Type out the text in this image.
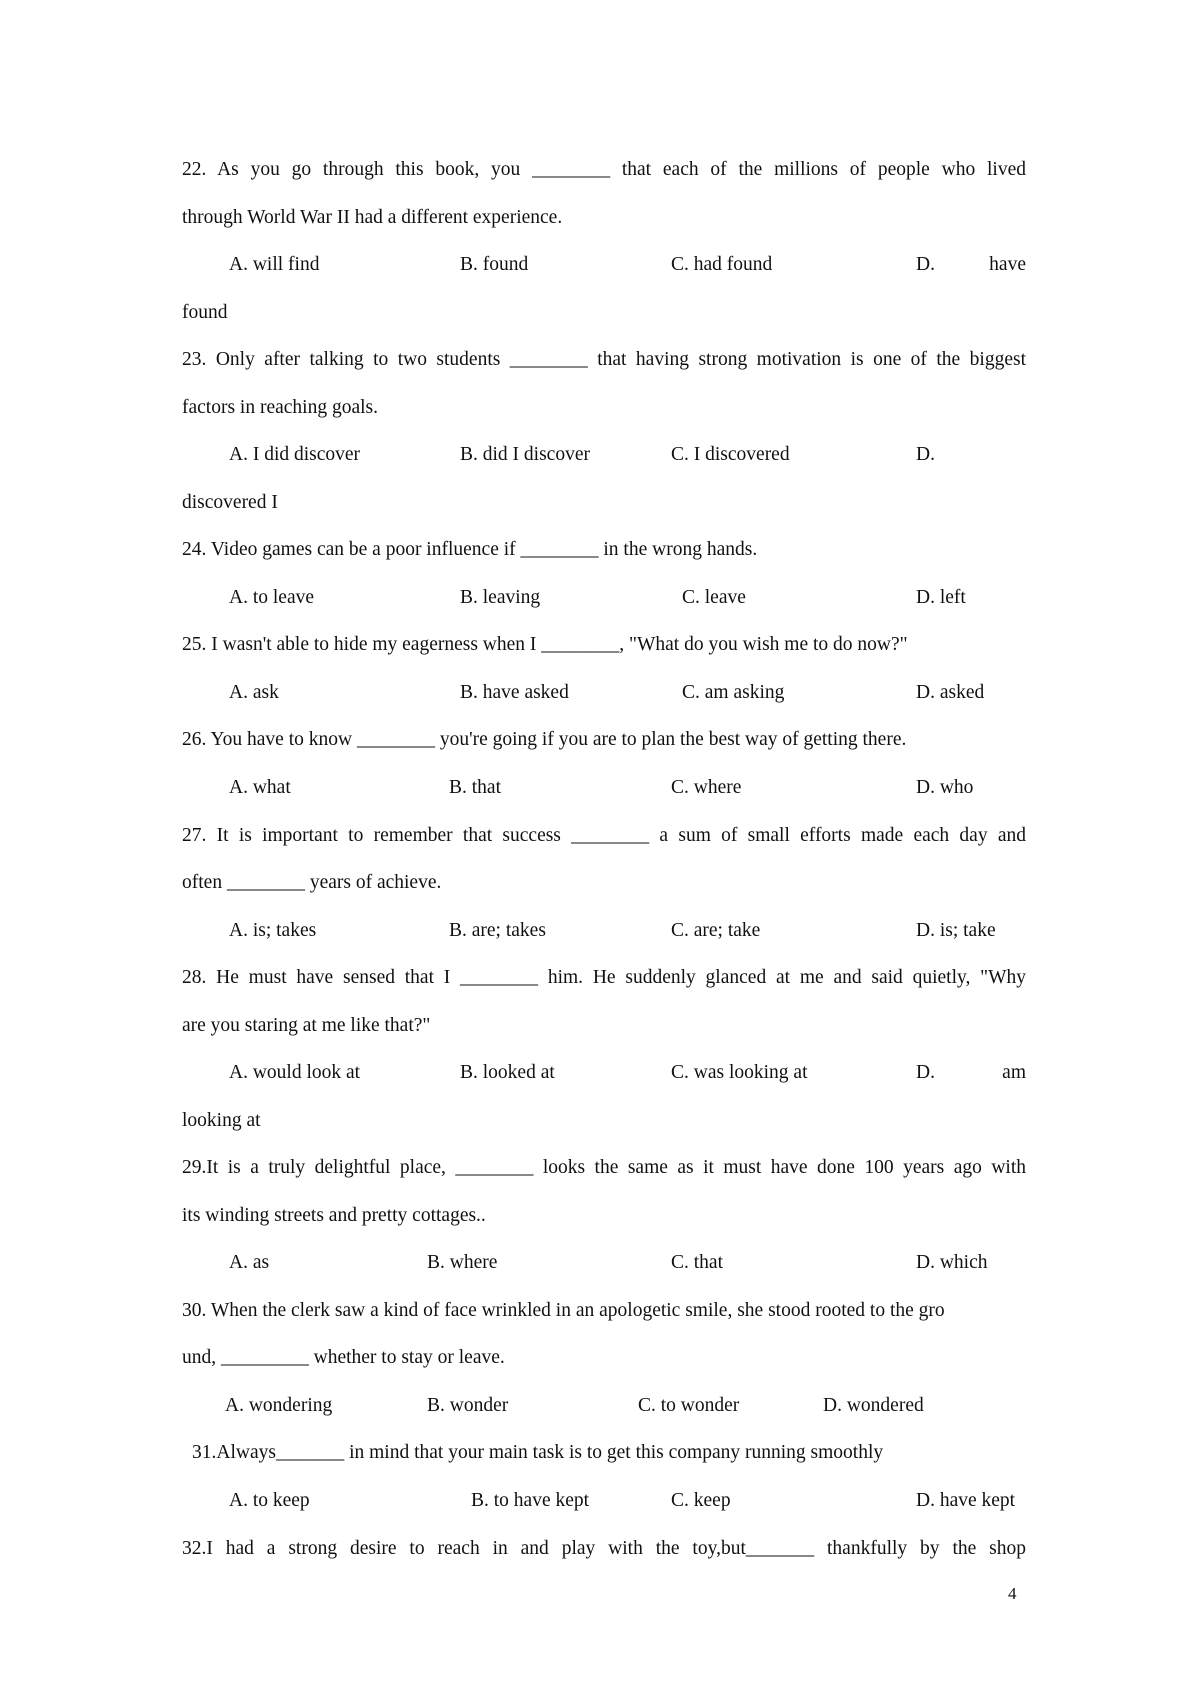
22. As you go through this book, you ________ that each of the millions of people who lived
through World War II had a different experience.
A. will find	B. found	C. had found	D. have
found
23. Only after talking to two students ________ that having strong motivation is one of the biggest
factors in reaching goals.
A. I did discover	B. did I discover	C. I discovered	D.
discovered I
24. Video games can be a poor influence if ________ in the wrong hands.
A. to leave	B. leaving	C. leave	D. left
25. I wasn't able to hide my eagerness when I ________, "What do you wish me to do now?"
A. ask	B. have asked	C. am asking	D. asked
26. You have to know ________ you're going if you are to plan the best way of getting there.
A. what	B. that	C. where	D. who
27. It is important to remember that success ________ a sum of small efforts made each day and
often ________ years of achieve.
A. is; takes	B. are; takes	C. are; take	D. is; take
28. He must have sensed that I ________ him. He suddenly glanced at me and said quietly, "Why
are you staring at me like that?"
A. would look at	B. looked at	C. was looking at	D. am
looking at
29.It is a truly delightful place, ________ looks the same as it must have done 100 years ago with
its winding streets and pretty cottages..
A. as	B. where	C. that	D. which
30. When the clerk saw a kind of face wrinkled in an apologetic smile, she stood rooted to the gro
und, _________ whether to stay or leave.
A. wondering	B. wonder	C. to wonder	D. wondered
31.Always_______ in mind that your main task is to get this company running smoothly
A. to keep	B. to have kept	C. keep	D. have kept
32.I had a strong desire to reach in and play with the toy,but_______ thankfully by the shop
4
